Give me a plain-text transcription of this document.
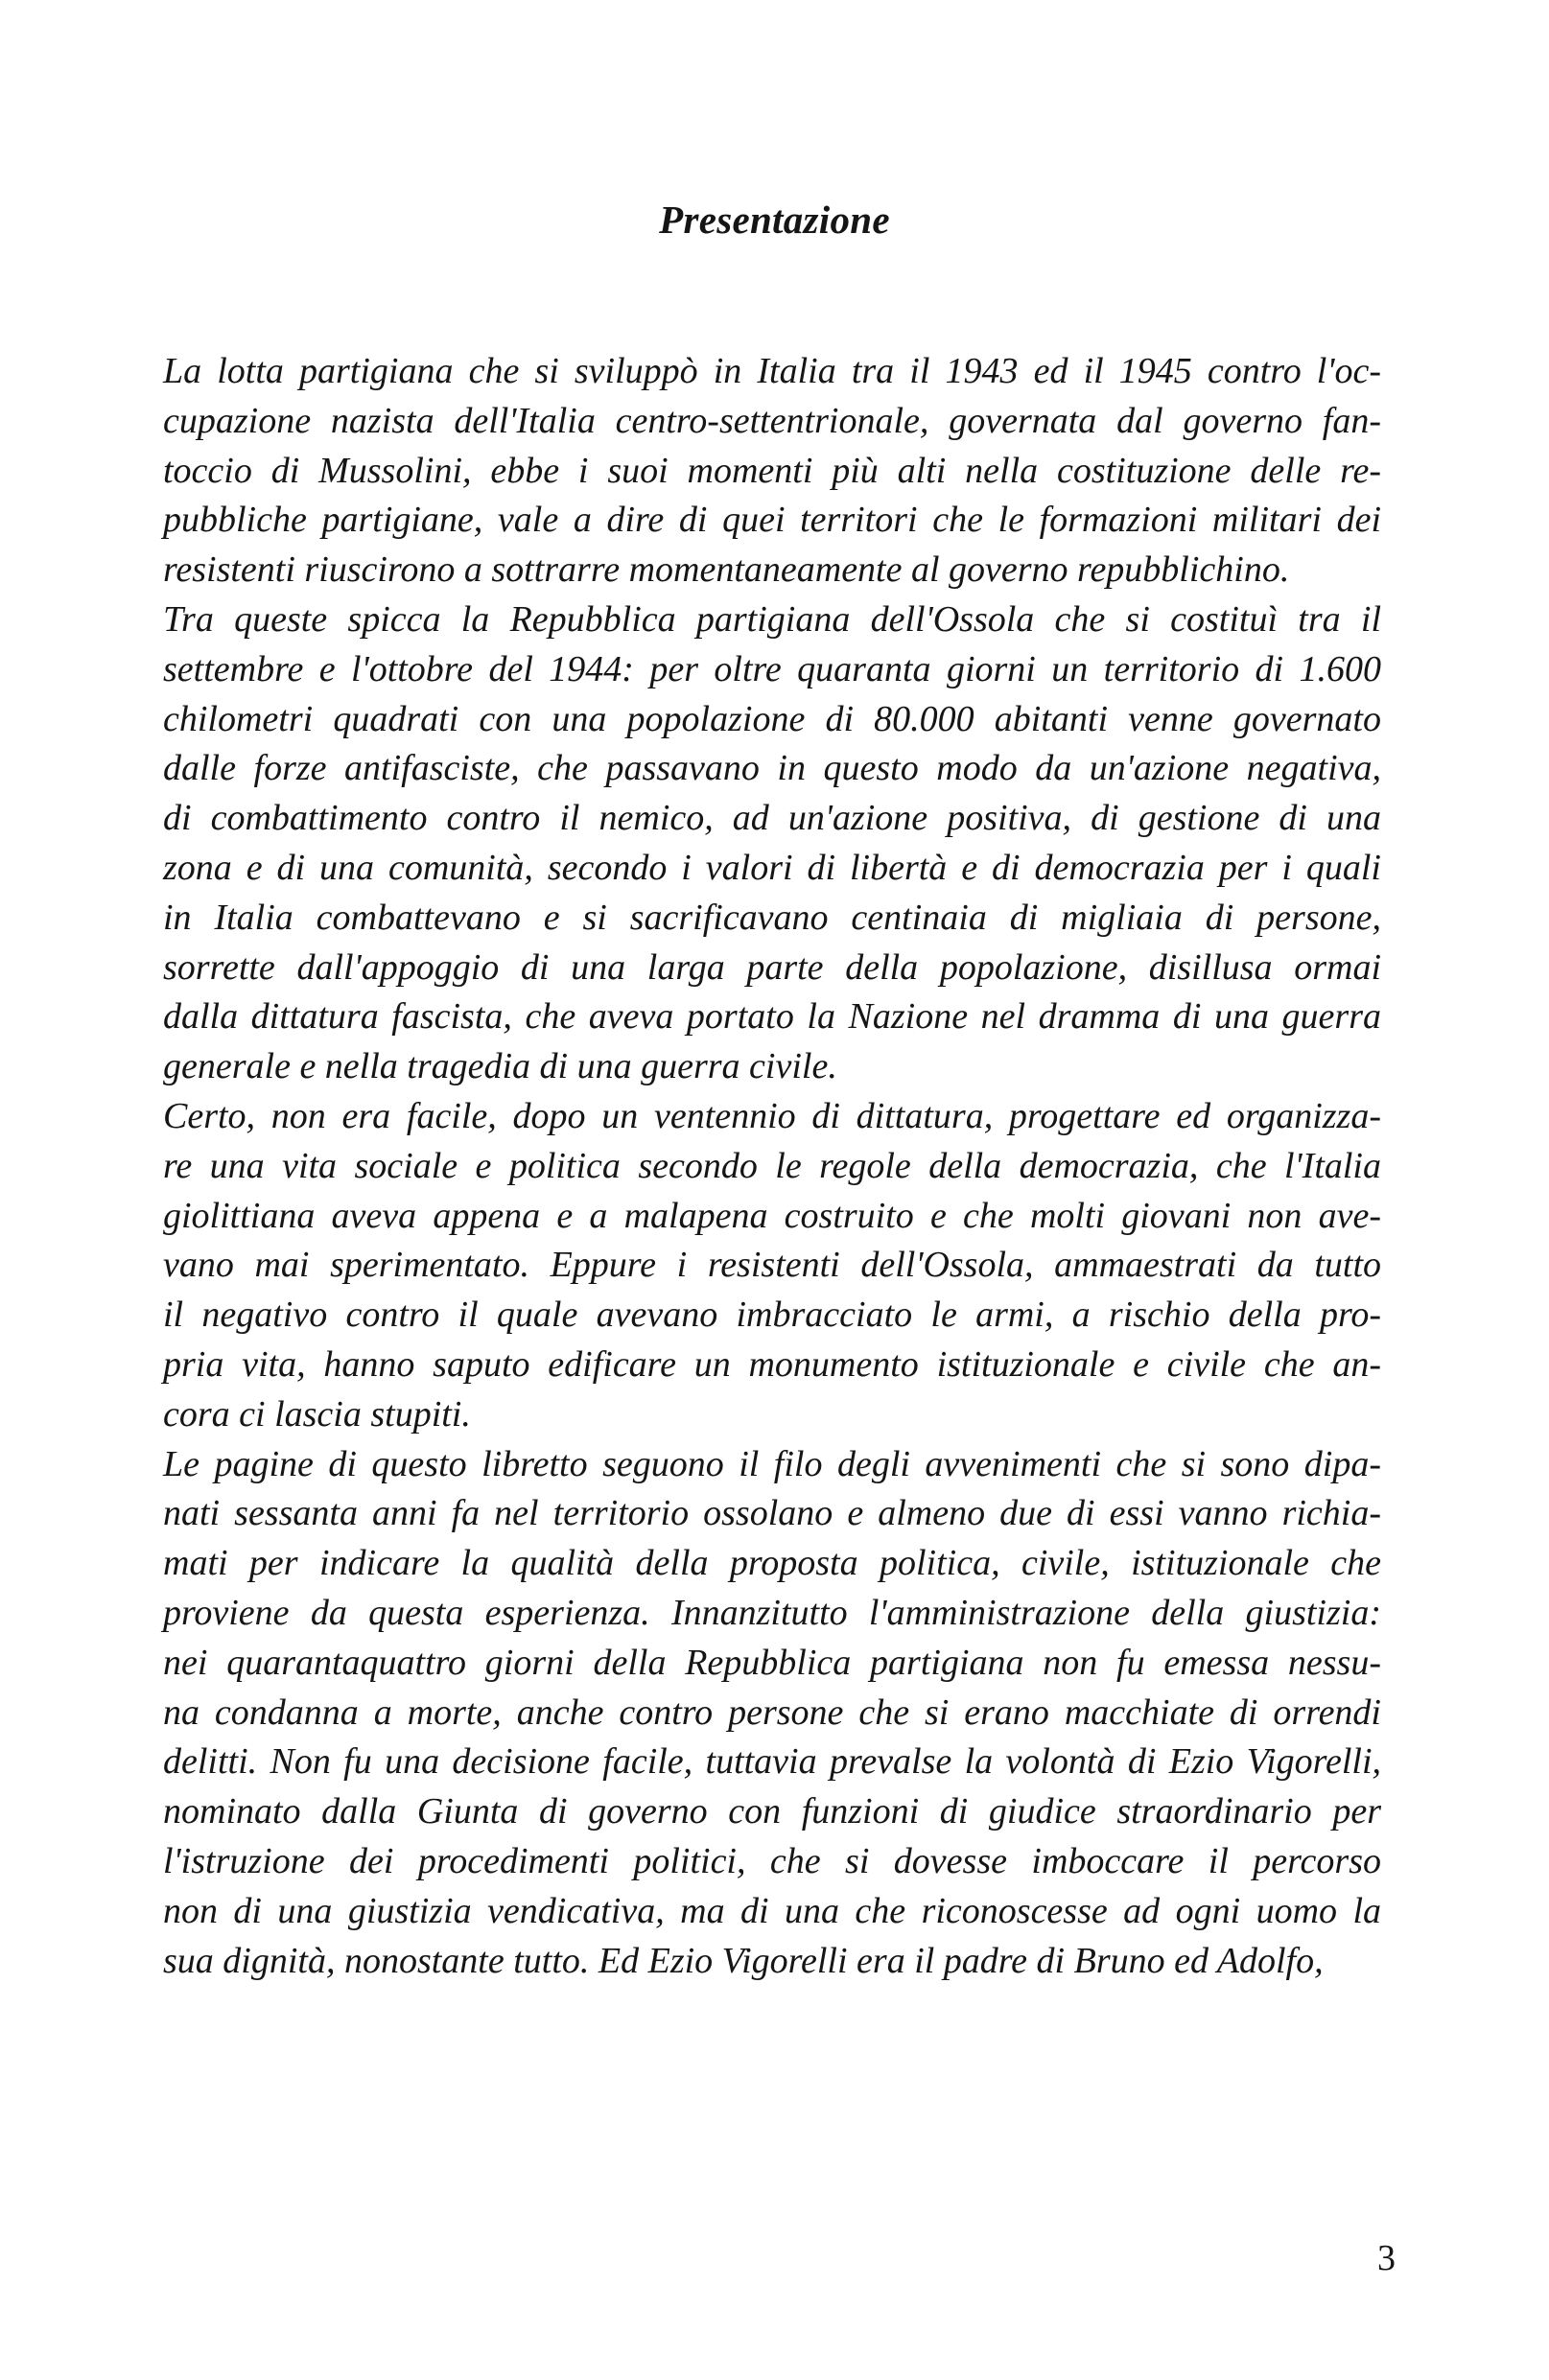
Presentazione
La lotta partigiana che si sviluppò in Italia tra il 1943 ed il 1945 contro l'oc-
cupazione nazista dell'Italia centro-settentrionale, governata dal governo fan-
toccio di Mussolini, ebbe i suoi momenti più alti nella costituzione delle re-
pubbliche partigiane, vale a dire di quei territori che le formazioni militari dei
resistenti riuscirono a sottrarre momentaneamente al governo repubblichino.
Tra queste spicca la Repubblica partigiana dell'Ossola che si costituì tra il
settembre e l'ottobre del 1944: per oltre quaranta giorni un territorio di 1.600
chilometri quadrati con una popolazione di 80.000 abitanti venne governato
dalle forze antifasciste, che passavano in questo modo da un'azione negativa,
di combattimento contro il nemico, ad un'azione positiva, di gestione di una
zona e di una comunità, secondo i valori di libertà e di democrazia per i quali
in Italia combattevano e si sacrificavano centinaia di migliaia di persone,
sorrette dall'appoggio di una larga parte della popolazione, disillusa ormai
dalla dittatura fascista, che aveva portato la Nazione nel dramma di una guerra
generale e nella tragedia di una guerra civile.
Certo, non era facile, dopo un ventennio di dittatura, progettare ed organizza-
re una vita sociale e politica secondo le regole della democrazia, che l'Italia
giolittiana aveva appena e a malapena costruito e che molti giovani non ave-
vano mai sperimentato. Eppure i resistenti dell'Ossola, ammaestrati da tutto
il negativo contro il quale avevano imbracciato le armi, a rischio della pro-
pria vita, hanno saputo edificare un monumento istituzionale e civile che an-
cora ci lascia stupiti.
Le pagine di questo libretto seguono il filo degli avvenimenti che si sono dipa-
nati sessanta anni fa nel territorio ossolano e almeno due di essi vanno richia-
mati per indicare la qualità della proposta politica, civile, istituzionale che
proviene da questa esperienza. Innanzitutto l'amministrazione della giustizia:
nei quarantaquattro giorni della Repubblica partigiana non fu emessa nessu-
na condanna a morte, anche contro persone che si erano macchiate di orrendi
delitti. Non fu una decisione facile, tuttavia prevalse la volontà di Ezio Vigorelli,
nominato dalla Giunta di governo con funzioni di giudice straordinario per
l'istruzione dei procedimenti politici, che si dovesse imboccare il percorso
non di una giustizia vendicativa, ma di una che riconoscesse ad ogni uomo la
sua dignità, nonostante tutto. Ed Ezio Vigorelli era il padre di Bruno ed Adolfo,
3
